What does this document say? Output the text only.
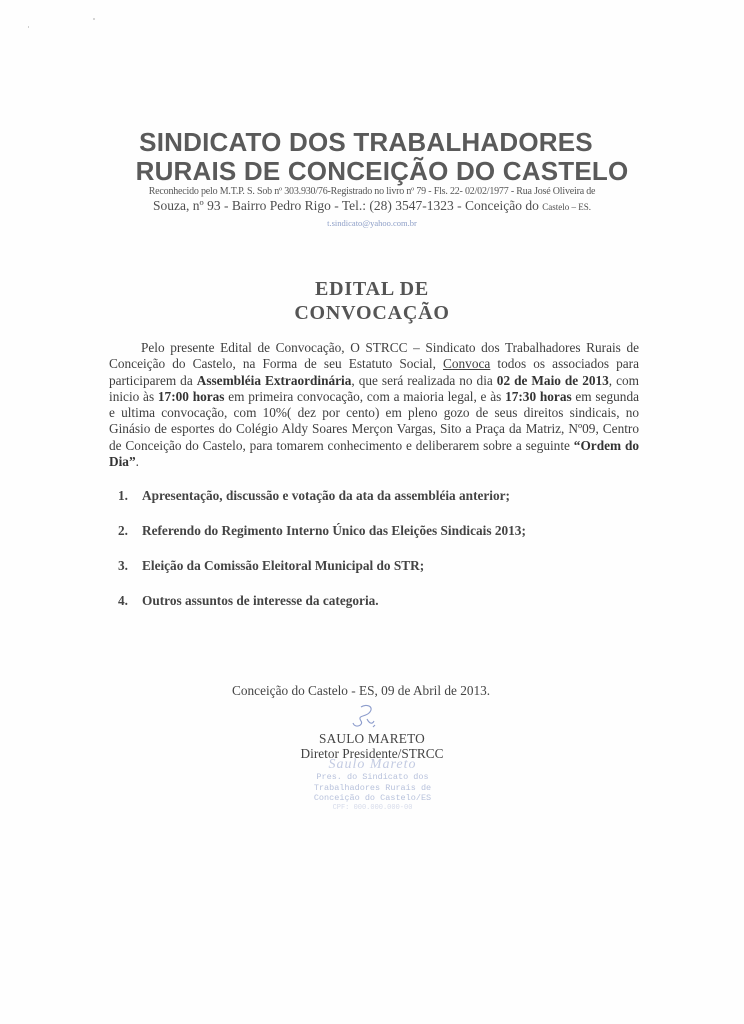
SINDICATO DOS TRABALHADORES
RURAIS DE CONCEIÇÃO DO CASTELO
Reconhecido pelo M.T.P. S. Sob nº 303.930/76-Registrado no livro nº 79 - Fls. 22- 02/02/1977 - Rua José Oliveira de
Souza, nº 93 - Bairro Pedro Rigo - Tel.: (28) 3547-1323 - Conceição do Castelo – ES.
t.sindicato@yahoo.com.br
EDITAL DE
CONVOCAÇÃO

Pelo presente Edital de Convocação, O STRCC – Sindicato dos Trabalhadores Rurais de Conceição do Castelo, na Forma de seu Estatuto Social, Convoca todos os associados para participarem da Assembléia Extraordinária, que será realizada no dia 02 de Maio de 2013, com inicio às 17:00 horas em primeira convocação, com a maioria legal, e às 17:30 horas em segunda e ultima convocação, com 10%( dez por cento) em pleno gozo de seus direitos sindicais, no Ginásio de esportes do Colégio Aldy Soares Merçon Vargas, Sito a Praça da Matriz, Nº09, Centro de Conceição do Castelo, para tomarem conhecimento e deliberarem sobre a seguinte “Ordem do Dia”.

1. Apresentação, discussão e votação da ata da assembléia anterior;
2. Referendo do Regimento Interno Único das Eleições Sindicais 2013;
3. Eleição da Comissão Eleitoral Municipal do STR;
4. Outros assuntos de interesse da categoria.
Conceição do Castelo - ES, 09 de Abril de 2013.
SAULO MARETO
Diretor Presidente/STRCC
Saulo Mareto
Pres. do Sindicato dos
Trabalhadores Rurais de
Conceição do Castelo/ES
CPF: 000.000.000-00
